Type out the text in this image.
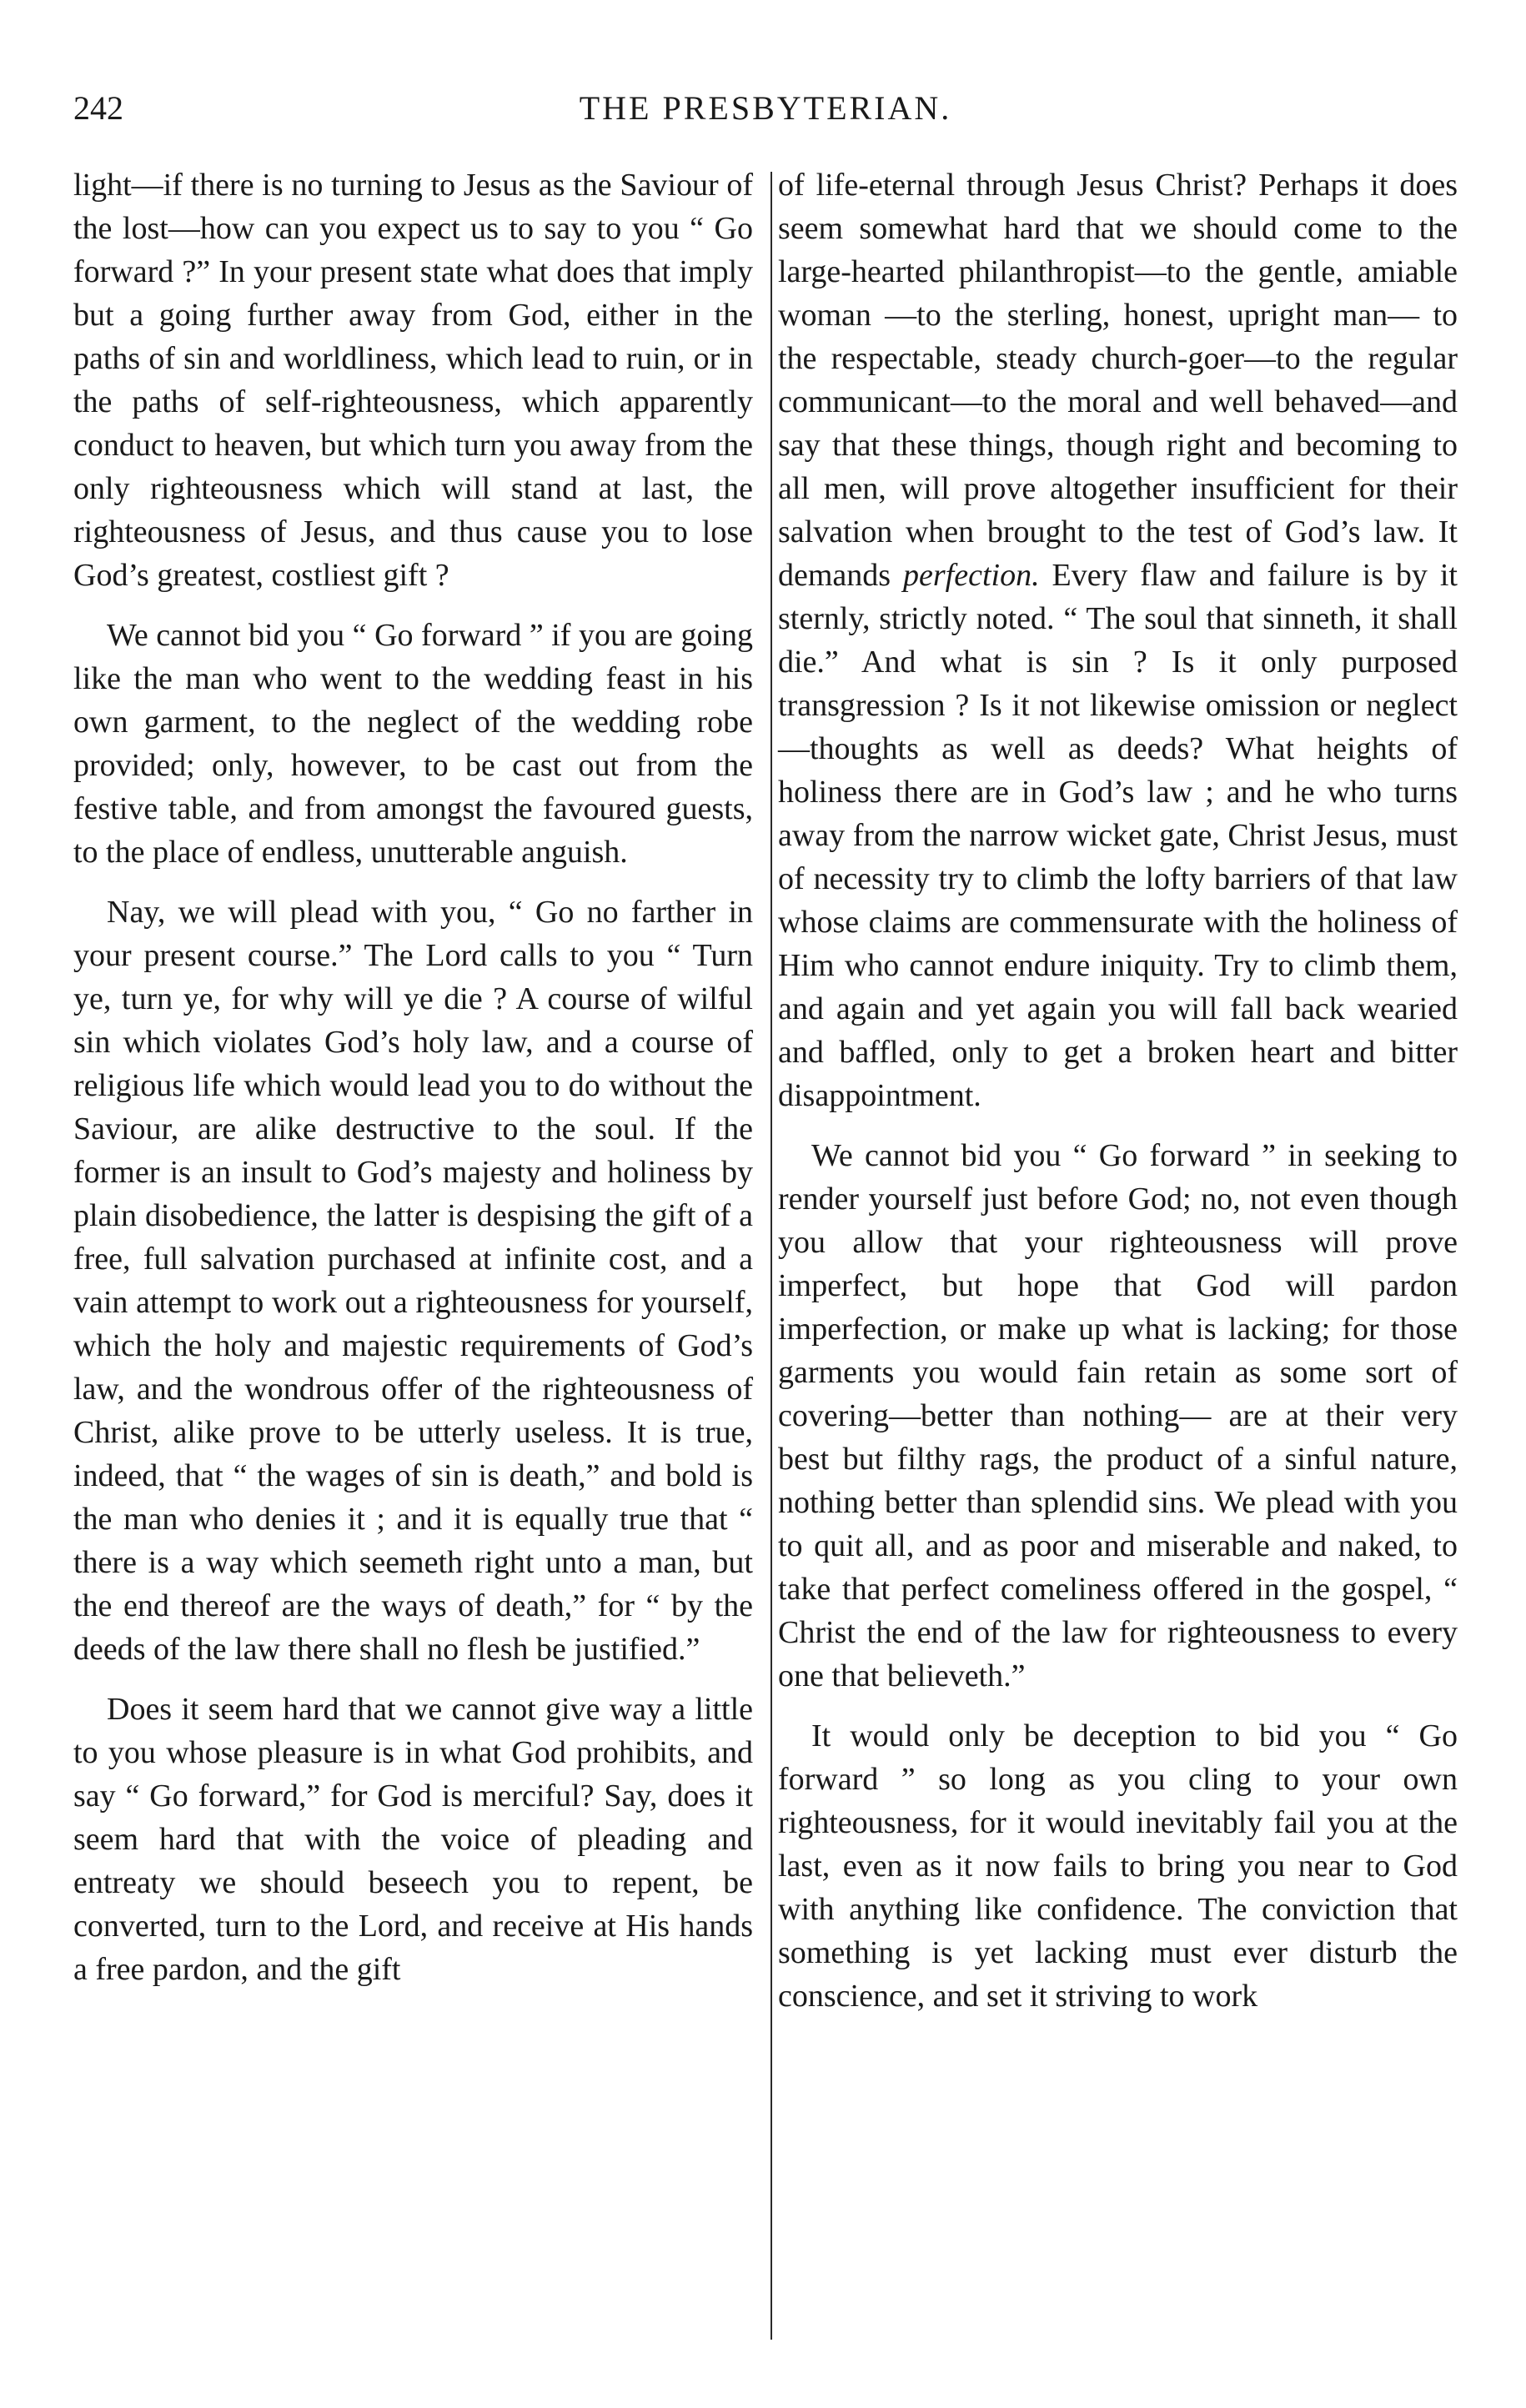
242	THE PRESBYTERIAN.

light—if there is no turning to Jesus as the Saviour of the lost—how can you expect us to say to you “ Go forward ?” In your present state what does that imply but a going further away from God, either in the paths of sin and worldliness, which lead to ruin, or in the paths of self-righteousness, which apparently conduct to heaven, but which turn you away from the only righteousness which will stand at last, the righteousness of Jesus, and thus cause you to lose God’s greatest, costliest gift ?

We cannot bid you “ Go forward ” if you are going like the man who went to the wedding feast in his own garment, to the neglect of the wedding robe provided; only, however, to be cast out from the festive table, and from amongst the favoured guests, to the place of endless, unutterable anguish.

Nay, we will plead with you, “ Go no farther in your present course.” The Lord calls to you “ Turn ye, turn ye, for why will ye die ? A course of wilful sin which violates God’s holy law, and a course of religious life which would lead you to do without the Saviour, are alike destructive to the soul. If the former is an insult to God’s majesty and holiness by plain disobedience, the latter is despising the gift of a free, full salvation purchased at infinite cost, and a vain attempt to work out a righteousness for yourself, which the holy and majestic requirements of God’s law, and the wondrous offer of the righteousness of Christ, alike prove to be utterly useless. It is true, indeed, that “ the wages of sin is death,” and bold is the man who denies it ; and it is equally true that “ there is a way which seemeth right unto a man, but the end thereof are the ways of death,” for “ by the deeds of the law there shall no flesh be justified.”

Does it seem hard that we cannot give way a little to you whose pleasure is in what God prohibits, and say “ Go forward,” for God is merciful? Say, does it seem hard that with the voice of pleading and entreaty we should beseech you to repent, be converted, turn to the Lord, and receive at His hands a free pardon, and the gift

of life-eternal through Jesus Christ? Perhaps it does seem somewhat hard that we should come to the large-hearted philanthropist—to the gentle, amiable woman —to the sterling, honest, upright man— to the respectable, steady church-goer—to the regular communicant—to the moral and well behaved—and say that these things, though right and becoming to all men, will prove altogether insufficient for their salvation when brought to the test of God’s law. It demands perfection. Every flaw and failure is by it sternly, strictly noted. “ The soul that sinneth, it shall die.” And what is sin ? Is it only purposed transgression ? Is it not likewise omission or neglect—thoughts as well as deeds? What heights of holiness there are in God’s law ; and he who turns away from the narrow wicket gate, Christ Jesus, must of necessity try to climb the lofty barriers of that law whose claims are commensurate with the holiness of Him who cannot endure iniquity. Try to climb them, and again and yet again you will fall back wearied and baffled, only to get a broken heart and bitter disappointment.

We cannot bid you “ Go forward ” in seeking to render yourself just before God; no, not even though you allow that your righteousness will prove imperfect, but hope that God will pardon imperfection, or make up what is lacking; for those garments you would fain retain as some sort of covering—better than nothing— are at their very best but filthy rags, the product of a sinful nature, nothing better than splendid sins. We plead with you to quit all, and as poor and miserable and naked, to take that perfect comeliness offered in the gospel, “ Christ the end of the law for righteousness to every one that believeth.”

It would only be deception to bid you “ Go forward ” so long as you cling to your own righteousness, for it would inevitably fail you at the last, even as it now fails to bring you near to God with anything like confidence. The conviction that something is yet lacking must ever disturb the conscience, and set it striving to work
